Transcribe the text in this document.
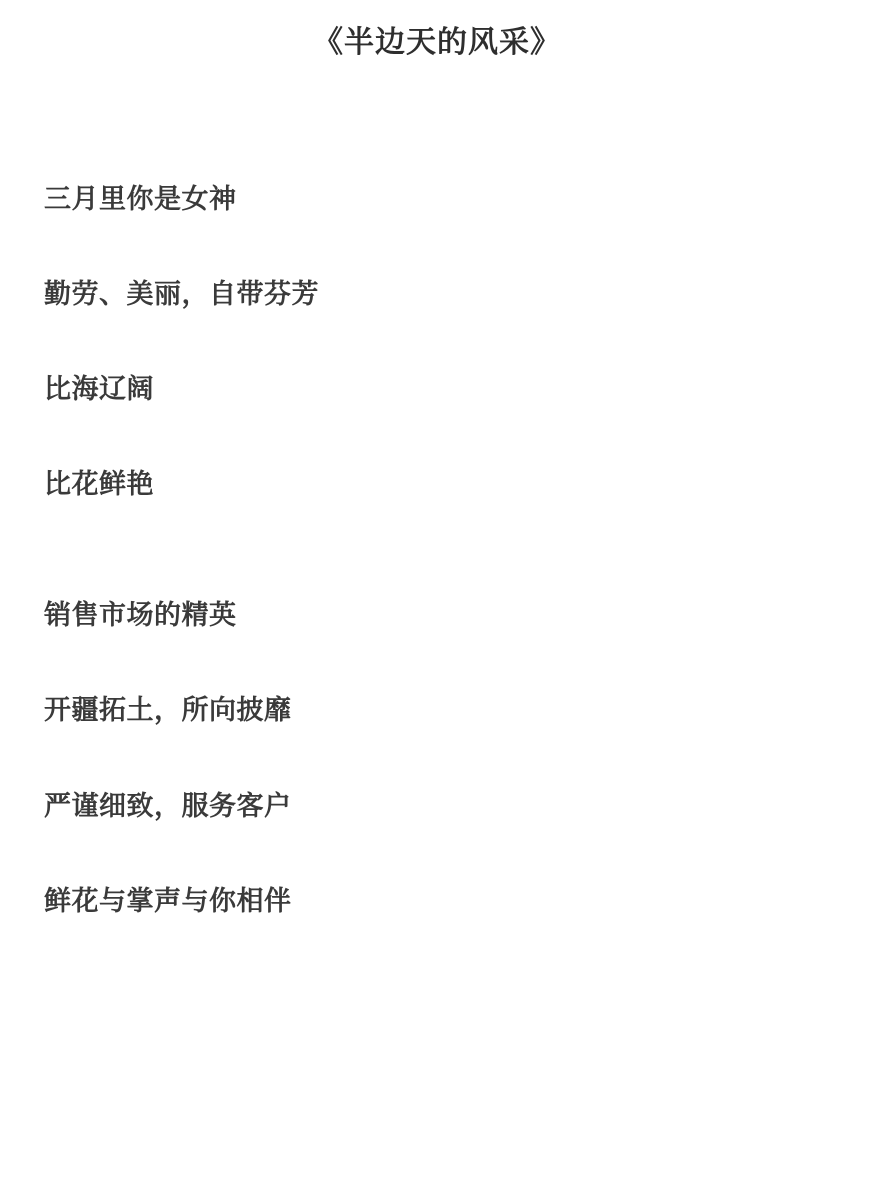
《半边天的风采》
三月里你是女神
勤劳、美丽，自带芬芳
比海辽阔
比花鲜艳
销售市场的精英
开疆拓土，所向披靡
严谨细致，服务客户
鲜花与掌声与你相伴
